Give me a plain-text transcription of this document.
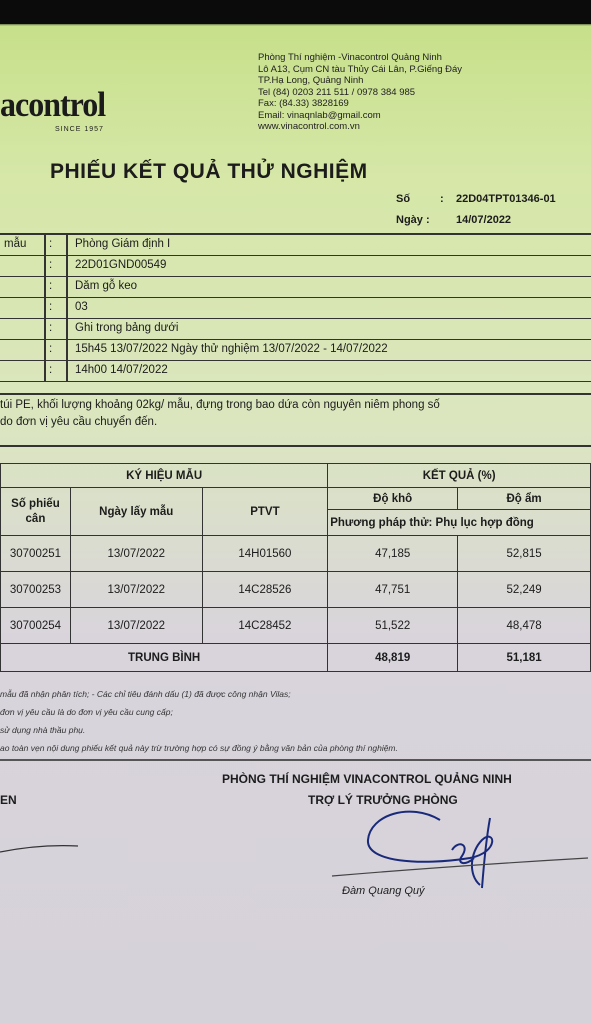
acontrol
SINCE 1957
Phòng Thí nghiệm -Vinacontrol Quảng Ninh
Lô A13, Cụm CN tàu Thủy Cái Lân, P.Giếng Đáy
TP.Hạ Long, Quảng Ninh
Tel (84) 0203 211 511 / 0978 384 985
Fax: (84.33) 3828169
Email: vinaqnlab@gmail.com
www.vinacontrol.com.vn
PHIẾU KẾT QUẢ THỬ NGHIỆM
Số	: 22D04TPT01346-01
Ngày : 14/07/2022
mẫu : Phòng Giám định I
: 22D01GND00549
: Dăm gỗ keo
: 03
: Ghi trong bảng dưới
: 15h45 13/07/2022 Ngày thử nghiệm 13/07/2022 - 14/07/2022
: 14h00 14/07/2022
túi PE, khối lượng khoảng 02kg/ mẫu, đựng trong bao dứa còn nguyên niêm phong số
do đơn vị yêu cầu chuyển đến.
KÝ HIỆU MẪU			KẾT QUẢ (%)	
Số phiếu cân	Ngày lấy mẫu	PTVT	Độ khô	Độ ẩm
			Phương pháp thử: Phụ lục hợp đồng	
30700251	13/07/2022	14H01560	47,185	52,815
30700253	13/07/2022	14C28526	47,751	52,249
30700254	13/07/2022	14C28452	51,522	48,478
TRUNG BÌNH			48,819	51,181
mẫu đã nhận phân tích; - Các chỉ tiêu đánh dấu (1) đã được công nhận Vilas;
đơn vị yêu cầu là do đơn vị yêu cầu cung cấp;
sử dụng nhà thầu phụ.
ao toàn vẹn nội dung phiếu kết quả này trừ trường hợp có sự đồng ý bằng văn bản của phòng thí nghiệm.
EN
PHÒNG THÍ NGHIỆM VINACONTROL QUẢNG NINH
TRỢ LÝ TRƯỞNG PHÒNG
Đàm Quang Quý
